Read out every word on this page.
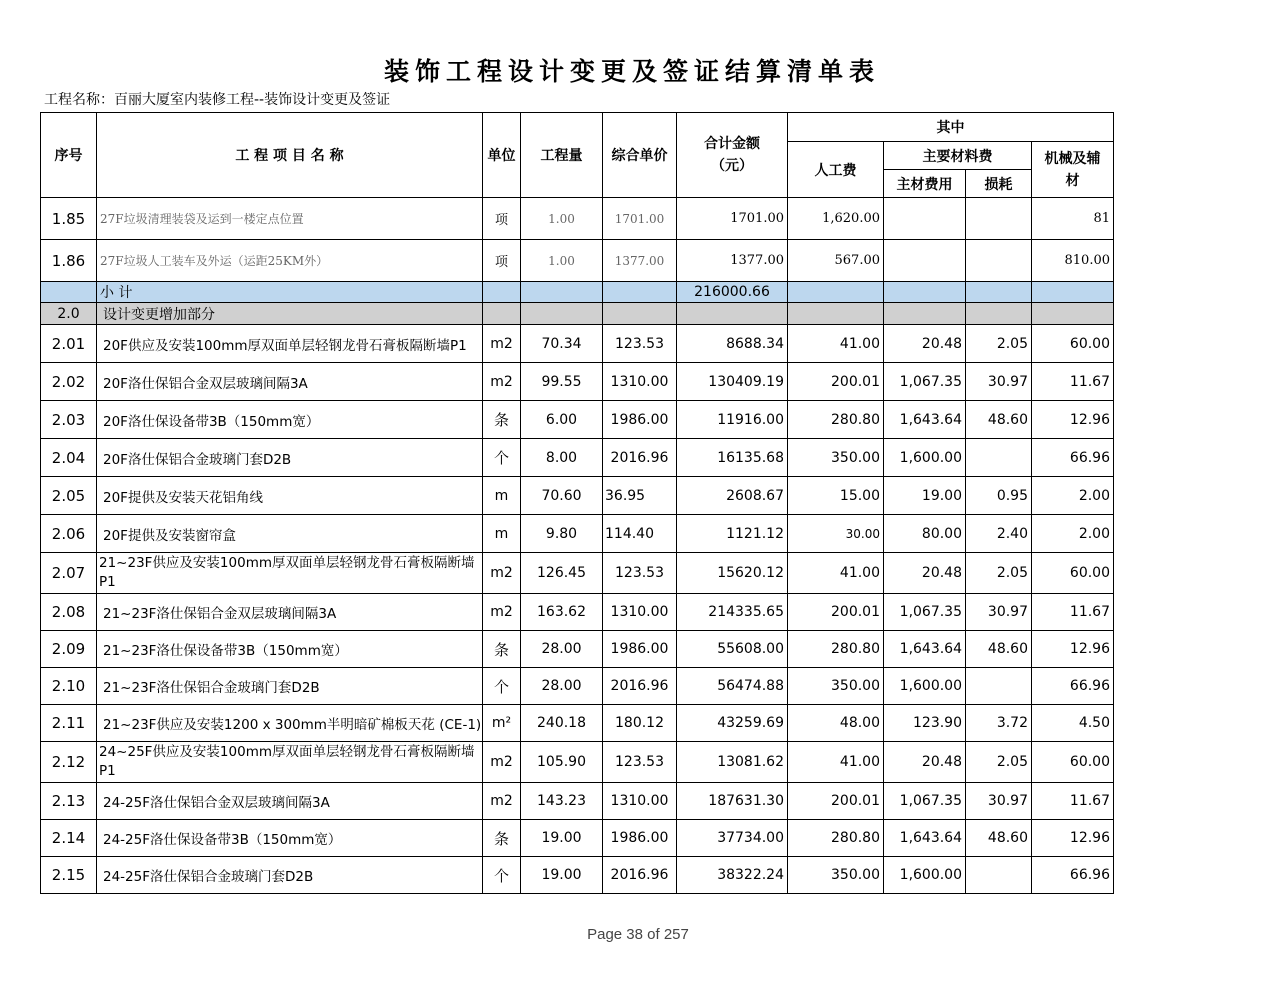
装饰工程设计变更及签证结算清单表
工程名称：百丽大厦室内装修工程--装饰设计变更及签证
序号	工 程 项 目 名 称	单位	工程量	综合单价	合计金额
（元）	其中			
						人工费	主要材料费		机械及辅材
							主材费用	损耗	
1.85	27F垃圾清理装袋及运到一楼定点位置	项	1.00	1701.00	1701.00	1,620.00			81
1.86	27F垃圾人工装车及外运（运距25KM外）	项	1.00	1377.00	1377.00	567.00			810.00
	小 计				216000.66				
2.0	设计变更增加部分								
2.01	20F供应及安装100mm厚双面单层轻钢龙骨石膏板隔断墙P1	m2	70.34	123.53	8688.34	41.00	20.48	2.05	60.00
2.02	20F洛仕保铝合金双层玻璃间隔3A	m2	99.55	1310.00	130409.19	200.01	1,067.35	30.97	11.67
2.03	20F洛仕保设备带3B（150mm宽）	条	6.00	1986.00	11916.00	280.80	1,643.64	48.60	12.96
2.04	20F洛仕保铝合金玻璃门套D2B	个	8.00	2016.96	16135.68	350.00	1,600.00		66.96
2.05	20F提供及安装天花铝角线	m	70.60	36.95	2608.67	15.00	19.00	0.95	2.00
2.06	20F提供及安装窗帘盒	m	9.80	114.40	1121.12	30.00	80.00	2.40	2.00
2.07	21~23F供应及安装100mm厚双面单层轻钢龙骨石膏板隔断墙P1	m2	126.45	123.53	15620.12	41.00	20.48	2.05	60.00
2.08	21~23F洛仕保铝合金双层玻璃间隔3A	m2	163.62	1310.00	214335.65	200.01	1,067.35	30.97	11.67
2.09	21~23F洛仕保设备带3B（150mm宽）	条	28.00	1986.00	55608.00	280.80	1,643.64	48.60	12.96
2.10	21~23F洛仕保铝合金玻璃门套D2B	个	28.00	2016.96	56474.88	350.00	1,600.00		66.96
2.11	21~23F供应及安装1200 x 300mm半明暗矿棉板天花 (CE-1)	m²	240.18	180.12	43259.69	48.00	123.90	3.72	4.50
2.12	24~25F供应及安装100mm厚双面单层轻钢龙骨石膏板隔断墙P1	m2	105.90	123.53	13081.62	41.00	20.48	2.05	60.00
2.13	24-25F洛仕保铝合金双层玻璃间隔3A	m2	143.23	1310.00	187631.30	200.01	1,067.35	30.97	11.67
2.14	24-25F洛仕保设备带3B（150mm宽）	条	19.00	1986.00	37734.00	280.80	1,643.64	48.60	12.96
2.15	24-25F洛仕保铝合金玻璃门套D2B	个	19.00	2016.96	38322.24	350.00	1,600.00		66.96
Page 38 of 257
